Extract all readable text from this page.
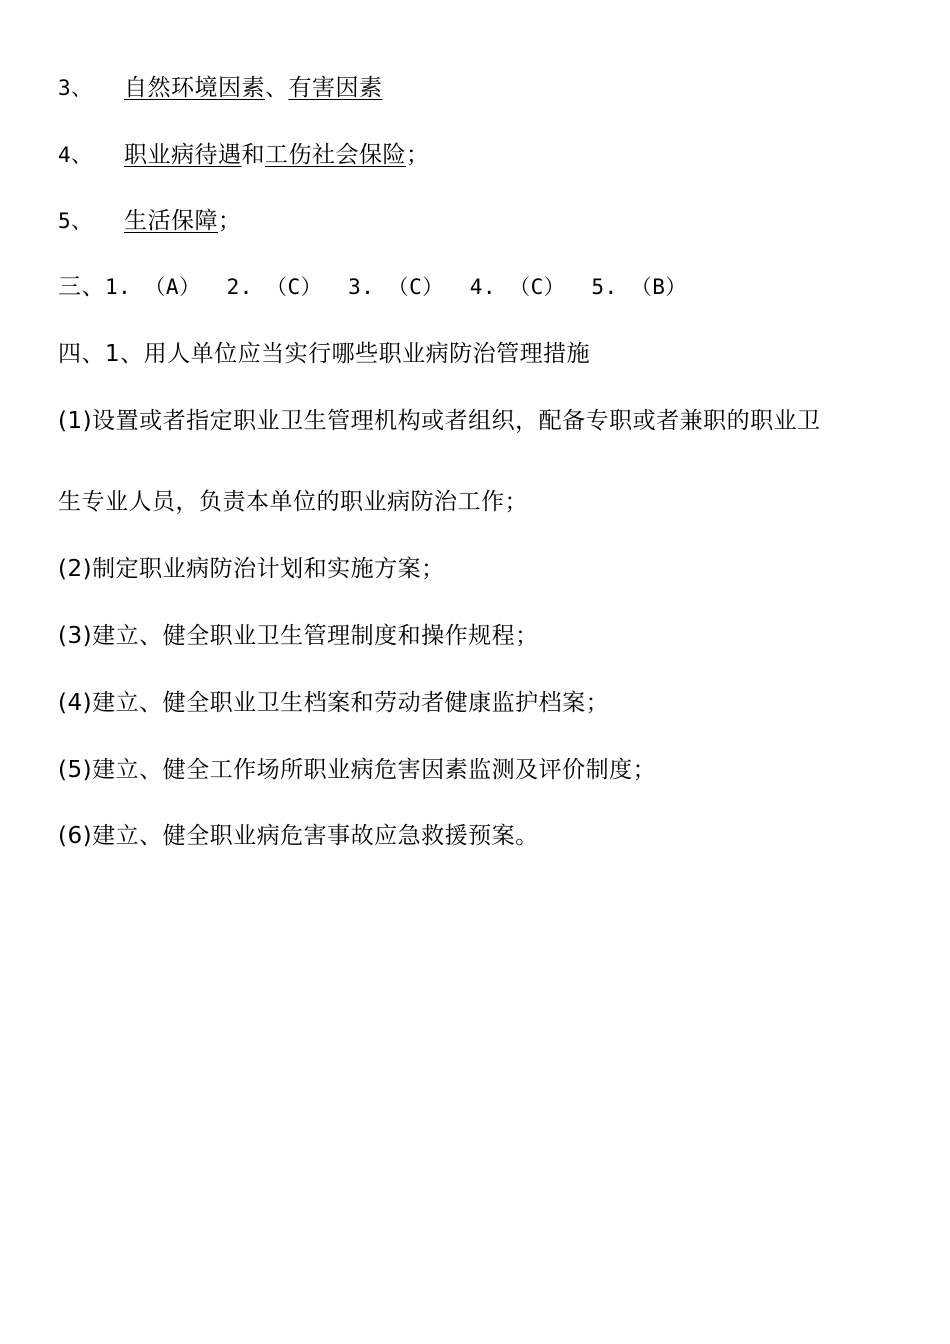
3、 自然环境因素、有害因素
4、 职业病待遇和工伤社会保险；
5、 生活保障；
三、1. （A） 2. （C） 3. （C） 4. （C） 5. （B）
四、1、用人单位应当实行哪些职业病防治管理措施
(1)设置或者指定职业卫生管理机构或者组织，配备专职或者兼职的职业卫
生专业人员，负责本单位的职业病防治工作；
(2)制定职业病防治计划和实施方案；
(3)建立、健全职业卫生管理制度和操作规程；
(4)建立、健全职业卫生档案和劳动者健康监护档案；
(5)建立、健全工作场所职业病危害因素监测及评价制度；
(6)建立、健全职业病危害事故应急救援预案。
